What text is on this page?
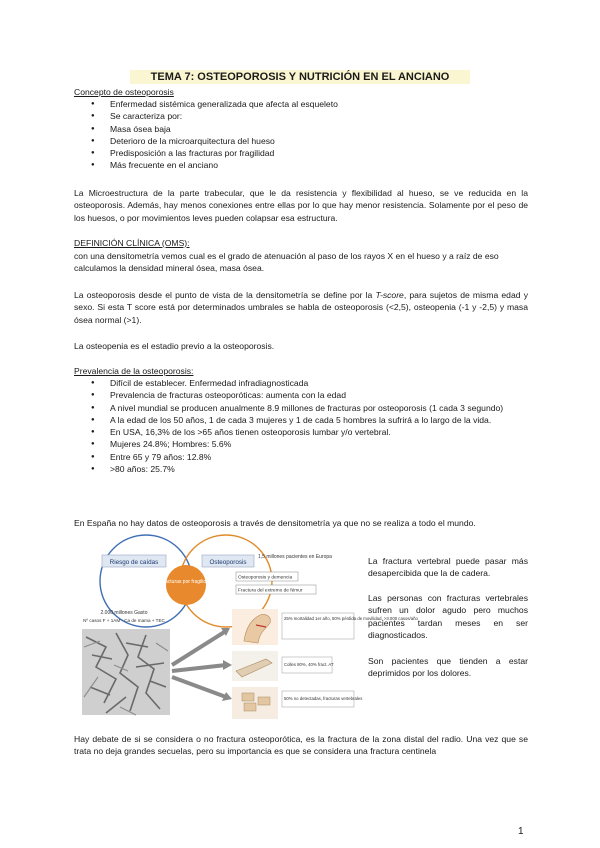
TEMA 7: OSTEOPOROSIS Y NUTRICIÓN EN EL ANCIANO
Concepto de osteoporosis
● Enfermedad sistémica generalizada que afecta al esqueleto
● Se caracteriza por:
● Masa ósea baja
● Deterioro de la microarquitectura del hueso
● Predisposición a las fracturas por fragilidad
● Más frecuente en el anciano
La Microestructura de la parte trabecular, que le da resistencia y flexibilidad al hueso, se ve reducida en la osteoporosis. Además, hay menos conexiones entre ellas por lo que hay menor resistencia. Solamente por el peso de los huesos, o por movimientos leves pueden colapsar esa estructura.
DEFINICIÓN CLÍNICA (OMS):
con una densitometría vemos cual es el grado de atenuación al paso de los rayos X en el hueso y a raíz de eso calculamos la densidad mineral ósea, masa ósea.
La osteoporosis desde el punto de vista de la densitometría se define por la T-score, para sujetos de misma edad y sexo. Si esta T score está por determinados umbrales se habla de osteoporosis (<2,5), osteopenia (-1 y -2,5) y masa ósea normal (>1).
La osteopenia es el estadio previo a la osteoporosis.
Prevalencia de la osteoporosis:
● Difícil de establecer. Enfermedad infradiagnosticada
● Prevalencia de fracturas osteoporóticas: aumenta con la edad
● A nivel mundial se producen anualmente 8.9 millones de fracturas por osteoporosis (1 cada 3 segundo)
● A la edad de los 50 años, 1 de cada 3 mujeres y 1 de cada 5 hombres la sufrirá a lo largo de la vida.
● En USA, 16,3% de los >65 años tienen osteoporosis lumbar y/o vertebral.
● Mujeres 24.8%; Hombres: 5.6%
● Entre 65 y 79 años: 12.8%
● >80 años: 25.7%
En España no hay datos de osteoporosis a través de densitometría ya que no se realiza a todo el mundo.
Riesgo de caídas	Osteoporosis
Fracturas por fragilidad
1,5 millones pacientes en Europa
Osteoporosis y demencia
Fractura del extremo de fémur
2.000 millones Gasto
Nº casos F + 1AM - Ca de mama + TEC	25% mortalidad 1er año, 50% pérdida de movilidad, >3.000 casos/año
Colles 80%, 40% fract. AT
50% no detectadas, fracturas vertebrales
La fractura vertebral puede pasar más desapercibida que la de cadera.
Las personas con fracturas vertebrales sufren un dolor agudo pero muchos pacientes tardan meses en ser diagnosticados.
Son pacientes que tienden a estar deprimidos por los dolores.
Hay debate de si se considera o no fractura osteoporótica, es la fractura de la zona distal del radio. Una vez que se trata no deja grandes secuelas, pero su importancia es que se considera una fractura centinela
1
